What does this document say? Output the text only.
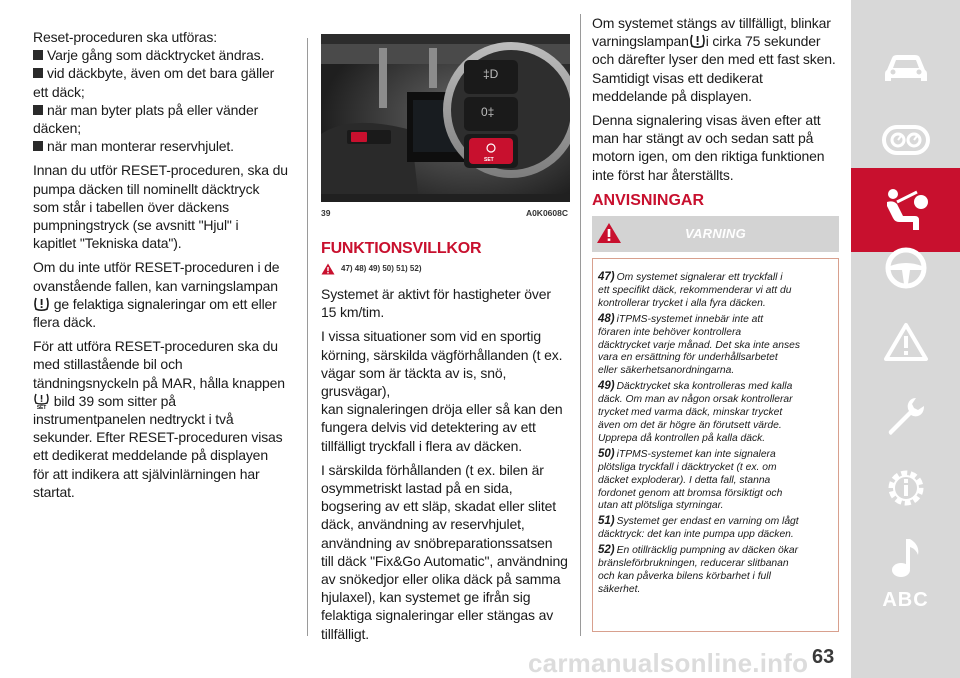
Reset-proceduren ska utföras:

Varje gång som däcktrycket ändras.
vid däckbyte, även om det bara gäller
ett däck;
när man byter plats på eller vänder
däcken;
när man monterar reservhjulet.

Innan du utför RESET-proceduren, ska du
pumpa däcken till nominellt däcktryck
som står i tabellen över däckens
pumpningstryck (se avsnitt "Hjul" i
kapitlet "Tekniska data").

Om du inte utför RESET-proceduren i de
ovanstående fallen, kan varningslampan

ge felaktiga signaleringar om ett eller
flera däck.

För att utföra RESET-proceduren ska du
med stillastående bil och
tändningsnyckeln på MAR, hålla knappen

SET bild 39 som sitter på
instrumentpanelen nedtryckt i två
sekunder. Efter RESET-proceduren visas
ett dedikerat meddelande på displayen
för att indikera att självinlärningen har
startat.

‡D
0‡
SET
39	A0K0608C
FUNKTIONSVILLKOR
47) 48) 49) 50) 51) 52)

Systemet är aktivt för hastigheter över
15 km/tim.

I vissa situationer som vid en sportig
körning, särskilda vägförhållanden (t ex.
vägar som är täckta av is, snö, grusvägar),
kan signaleringen dröja eller så kan den
fungera delvis vid detektering av ett
tillfälligt tryckfall i flera av däcken.

I särskilda förhållanden (t ex. bilen är
osymmetriskt lastad på en sida,
bogsering av ett släp, skadat eller slitet
däck, användning av reservhjulet,
användning av snöbreparationssatsen
till däck "Fix&Go Automatic", användning
av snökedjor eller olika däck på samma
hjulaxel), kan systemet ge ifrån sig
felaktiga signaleringar eller stängas av
tillfälligt.

Om systemet stängs av tillfälligt, blinkar
varningslampan i cirka 75 sekunder
och därefter lyser den med ett fast sken.
Samtidigt visas ett dedikerat
meddelande på displayen.

Denna signalering visas även efter att
man har stängt av och sedan satt på
motorn igen, om den riktiga funktionen
inte först har återställts.

ANVISNINGAR
VARNING

47) Om systemet signalerar ett tryckfall i
ett specifikt däck, rekommenderar vi att du
kontrollerar trycket i alla fyra däcken.

48) iTPMS-systemet innebär inte att
föraren inte behöver kontrollera
däcktrycket varje månad. Det ska inte anses
vara en ersättning för underhållsarbetet
eller säkerhetsanordningarna.

49) Däcktrycket ska kontrolleras med kalla
däck. Om man av någon orsak kontrollerar
trycket med varma däck, minskar trycket
även om det är högre än förutsett värde.
Upprepa då kontrollen på kalla däck.

50) iTPMS-systemet kan inte signalera
plötsliga tryckfall i däcktrycket (t ex. om
däcket exploderar). I detta fall, stanna
fordonet genom att bromsa försiktigt och
utan att plötsliga styrningar.

51) Systemet ger endast en varning om lågt
däcktryck: det kan inte pumpa upp däcken.

52) En otillräcklig pumpning av däcken ökar
bränsleförbrukningen, reducerar slitbanan
och kan påverka bilens körbarhet i full
säkerhet.	ABC
carmanualsonline.info 63
